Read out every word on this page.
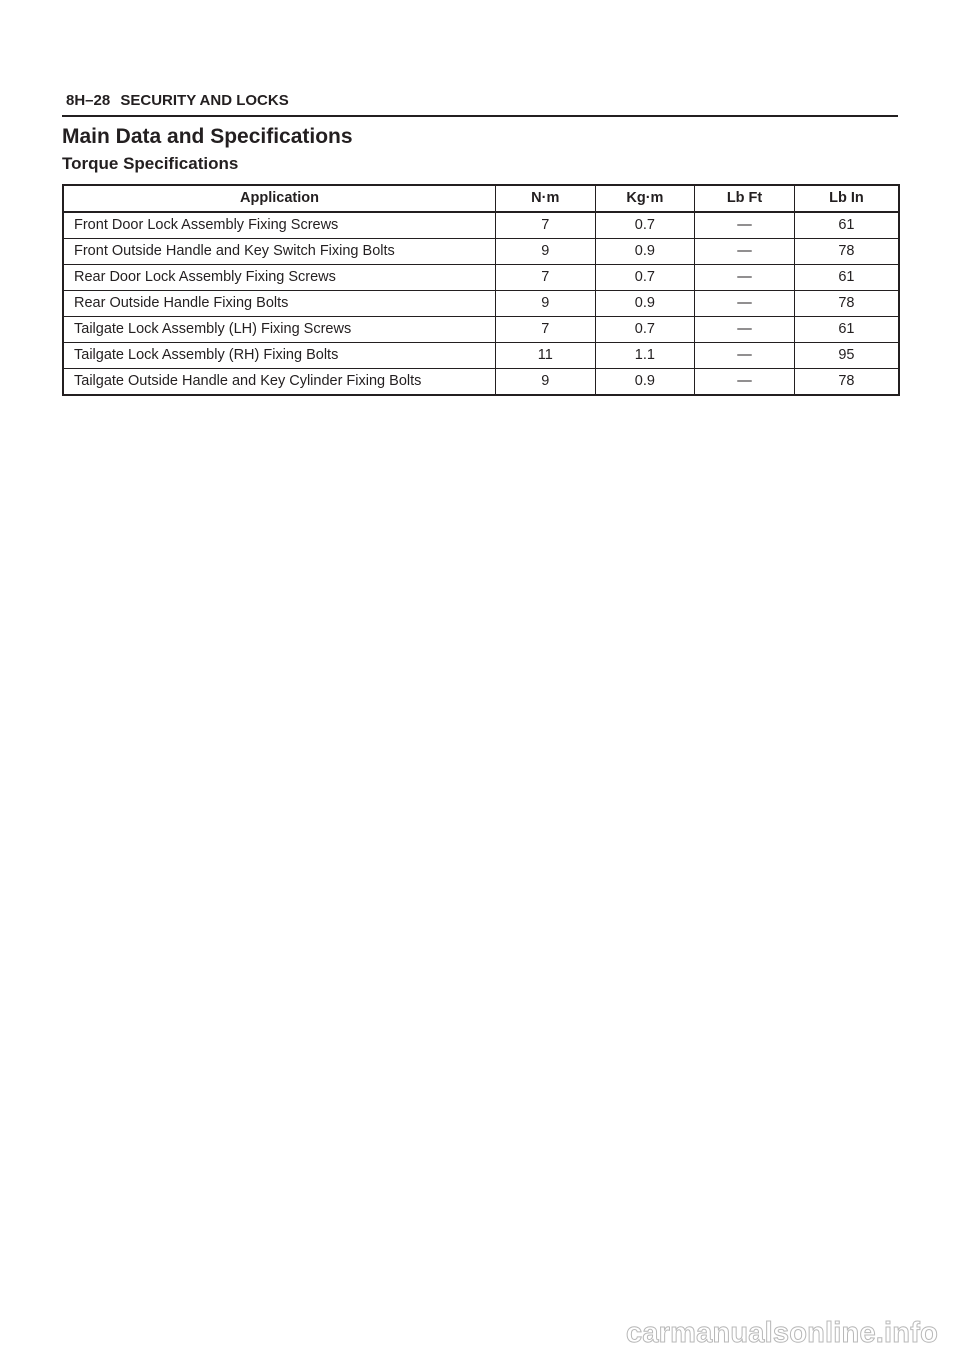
8H–28 SECURITY AND LOCKS
Main Data and Specifications
Torque Specifications
Application	N·m	Kg·m	Lb Ft	Lb In
Front Door Lock Assembly Fixing Screws	7	0.7	—	61
Front Outside Handle and Key Switch Fixing Bolts	9	0.9	—	78
Rear Door Lock Assembly Fixing Screws	7	0.7	—	61
Rear Outside Handle Fixing Bolts	9	0.9	—	78
Tailgate Lock Assembly (LH) Fixing Screws	7	0.7	—	61
Tailgate Lock Assembly (RH) Fixing Bolts	11	1.1	—	95
Tailgate Outside Handle and Key Cylinder Fixing Bolts	9	0.9	—	78
carmanualsonline.info
